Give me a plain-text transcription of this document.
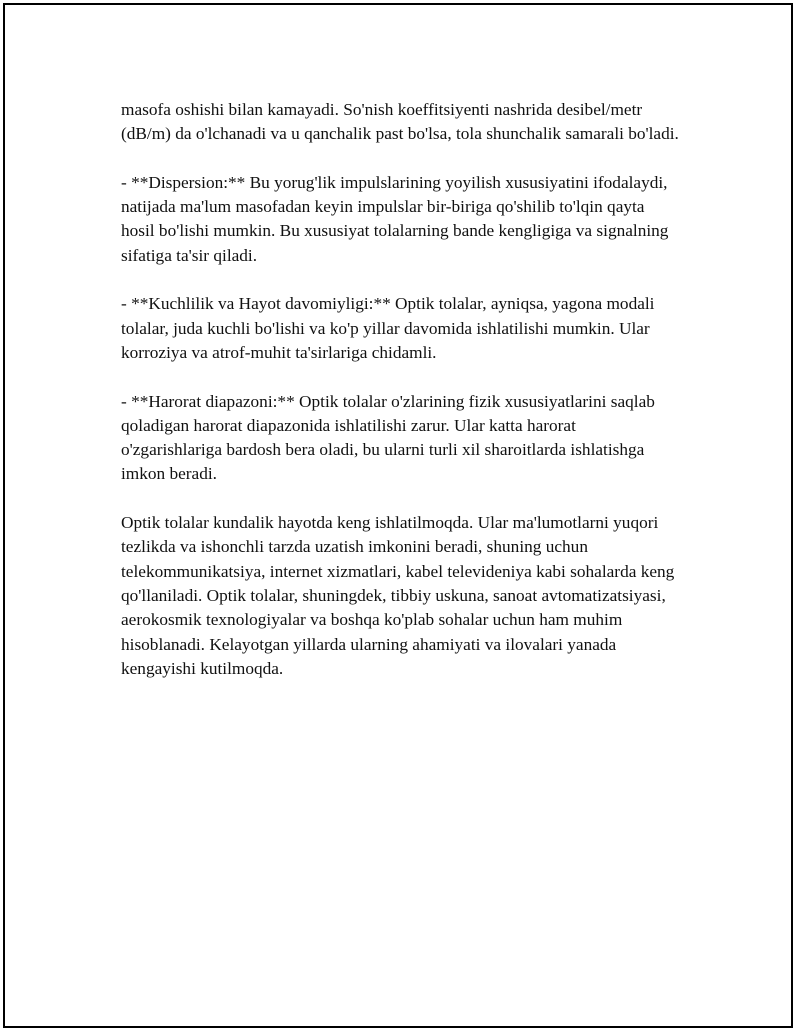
masofa oshishi bilan kamayadi. So'nish koeffitsiyenti nashrida desibel/metr (dB/m) da o'lchanadi va u qanchalik past bo'lsa, tola shunchalik samarali bo'ladi.

- **Dispersion:** Bu yorug'lik impulslarining yoyilish xususiyatini ifodalaydi, natijada ma'lum masofadan keyin impulslar bir-biriga qo'shilib to'lqin qayta hosil bo'lishi mumkin. Bu xususiyat tolalarning bande kengligiga va signalning sifatiga ta'sir qiladi.

- **Kuchlilik va Hayot davomiyligi:** Optik tolalar, ayniqsa, yagona modali tolalar, juda kuchli bo'lishi va ko'p yillar davomida ishlatilishi mumkin. Ular korroziya va atrof-muhit ta'sirlariga chidamli.

- **Harorat diapazoni:** Optik tolalar o'zlarining fizik xususiyatlarini saqlab qoladigan harorat diapazonida ishlatilishi zarur. Ular katta harorat o'zgarishlariga bardosh bera oladi, bu ularni turli xil sharoitlarda ishlatishga imkon beradi.

Optik tolalar kundalik hayotda keng ishlatilmoqda. Ular ma'lumotlarni yuqori tezlikda va ishonchli tarzda uzatish imkonini beradi, shuning uchun telekommunikatsiya, internet xizmatlari, kabel televideniya kabi sohalarda keng qo'llaniladi. Optik tolalar, shuningdek, tibbiy uskuna, sanoat avtomatizatsiyasi, aerokosmik texnologiyalar va boshqa ko'plab sohalar uchun ham muhim hisoblanadi. Kelayotgan yillarda ularning ahamiyati va ilovalari yanada kengayishi kutilmoqda.
